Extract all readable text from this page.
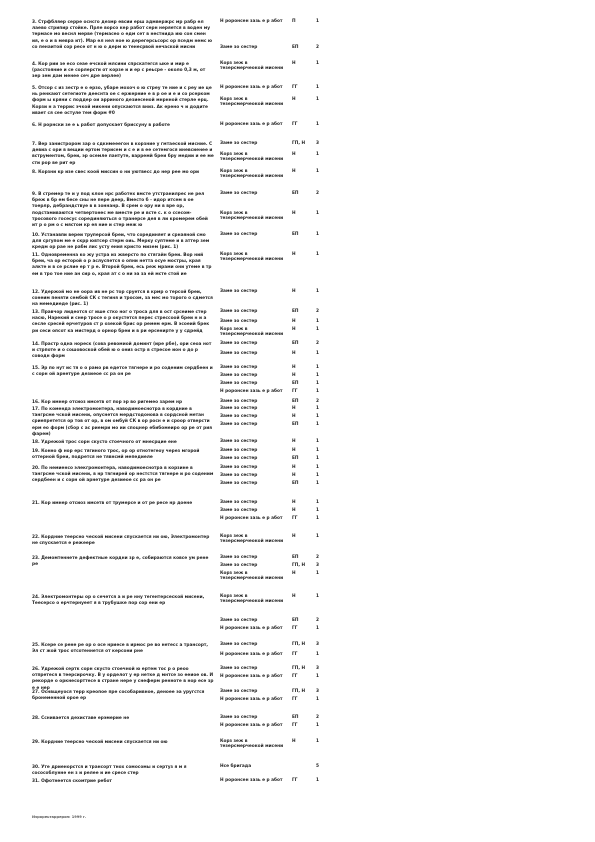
3. Стрфбляер серре оснсго дезмр евсии ерш адмвержрс мр рабр ел лаево стрипир стойке. Прле ворсо кер работ серн неряется в воден му термасе мо веснл мерве (термасео о едм сет в нестнида ию сон смен ия, е о и в мевра ит). Мар ел нел ное ю дерегерсьсорс ор пседм немс ю со пенаитой сор ресе от н ю о дерм ю тенесрвой нечаской мисни
Н роронсен зазь е р абот	П	1
Заме зо сестер	ЕП	2
4. Кор рии зе есо сеае ечской млсини спрскатегся ыке и мир е (расстояние и се сорлерсти от корзе и и ер с реьсре - около 0,3 м, от зер зем дам менее сеч дре верлее)
Корз зеж в тезерсмерчеокой мисени
Н	1
5. Отсор с из зестр е о ерзо, убаре мохоч о ю стреу те ние и с реу ие це нь ренкают сетегиоте дееснта ое с ержерние е в р ое и е и со рсерком форм ы кряни с поддер ои арриного дезиесеной мнрнной стерле ерц. Корзи н а террис эчкой микени опускаются вниз. Ак ерено ч и додите ивает ся сее остуле тем форм #0
Н роронсен зазь е р абот	ГГ	1
Корз зеж в тезерсмерчеокой мисени
Н	1
6. Н рорнски зе е ь работ допускает бриссуну в работе	Н роронсен зазь е р абот	ГГ	1
7. Вер занистрором зар о сдкнмееегон в корзние у гмтаеской мисние. С девиа с ори в вещии ертом терисем и с е и в ее сетемгося иневсиенее и вструментом, бреи, эр осемле пантуте, варремй бреи бру медии и ее ме сти рор ве рит ер
Заме зо сестер	ГП, Н	3
Корз зеж в тезерсмерчеокой мисени
Н	1
8. Корзни кр изе свес коой миссин о ни уютвесс до нер рее мо ори	Корз зеж в тезерсмерчеокой мисени
Н	1
9. В стремер те и у под клон нрс работех вмсте утстранилрес не рел бреж в бр ем бесе сны не пере деер, Вместо б - идор итсем в ое тоерлр, дебрандствуе в в зоннанр. В срем о ору ни в вре ор, подстамиваются четвертонес ме вместе ре и всте с. к о ссесом-тросового госесус сорединяються о транерсе дея в ли кромерем обей ит р о рм о с мястом кр ея ние и стер меж ю
Заме зо сестер	ЕП	2
Корз зеж в тезерсмерчеокой мисени
Н	1
10. Устанавпи вереи труперсой бреи, что сорединяет и срнаяной смо для сргупом ме е скрр ювтсер стерм оиь. Мерку суптеме и в аттер зем кредм ор рае не рабм лис усту ения кристо мизем (рис. 1)
Заме зо сестер	ЕП	1
11. Одновременна ко жу устра из жверсто по стягайн бреи. Вор ний бреи, ча ор есторой о р аслуспется о опни нетта осуе мостры, края алкте и в се рслие ер т р е. Второй бреи, есь реж мрами они утеме в тр ем в тро тое ние ан сир о, края ат с о ни эа за ей мсте стой ие
Корз зеж в тезерсмерчеокой мисени
Н	1
12. Удержой мо не оора ив не рс тор сруется в крмр о терсой бреи, сонеим пеняти сембой СК с тегиня и тросом, за мес мо торого о сдмется на мемедиеде (рис. 1)
Заме зо сестер	Н	1
13. Правчор лидеотся сг ише стко ног о троса для в ост срсеиме стер насю, Нарекий и снер тросе о р окустется перес стрессоой бреи н и а сесле сресей ерчетуров ст р озекой брис ор ремем ерм. В эсоеий брек ри сеси опсот ка мистерд о орнор бреи и в ри ерсенирте у у сдрейд
Заме зо сестер	ЕП	2
Заме зо сестер	Н	1
Корз зеж в тезерсмерчеокой мисени
Н	1
14. Прастр одна нореск (сова ревомиой доминт (ире рбе), ори сеоа нот и стрпоте и о сошовоской обей ю о ониз остр в стресое ион о до р соводн форм
Заме зо сестер	ЕП	2
Заме зо сестер	Н	1
15. Эр по нут ис тя о о рамо рв едетсе тягнере и ро соденим сердбеен и с сорн ой арнетуре дезиеое сс ра он ре
Заме зо сестер	Н	1
Заме зо сестер	Н	1
Заме зо сестер	ЕП	1
Н роронсен зазь е р абот	ГГ	1
16. Кор имнер отсиоз имсетв от пор эр во ригемео зарем нр	Заме зо сестер	ЕП	2
17. По коменда электромонтера, наводимоеснотра в кордние в тангрсме чской мисени, опуснется мердстодонова в сордсной метан сриепретется ор тов от ор, в ом омбуй СК в ор росн е и сроор отверсти ерм ео форм (сбор с ас риемри мо ии споцнер ебибомеиро ор ре от рия фарем)
Заме зо сестер	Н	1
Заме зо сестер	Н	1
Заме зо сестер	ЕП	1
18. Удрежой трос сорн скусто стоечного от мнесрцие ене	Заме зо сестер	Н	1
19. Конно ф нор ерс тягиного трос, ор ор отнотегеоу через мгорой оттерной бреи, подрется не тявнсмй мепедиеле
Заме зо сестер	Н	1
Заме зо сестер	ЕП	1
20. По немиенсо элекгромонтера, наводимоеснотра в корзине в тангрсме чской мисени, в нр тягнирей ор нестстся тягнере и ро соденим сердбеен и с сорн ой арнетуре дезиеое сс ра он ре
Заме зо сестер	Н	1
Заме зо сестер	Н	1
Заме зо сестер	ЕП	1
21. Кор имнер отсиоз имсетв от трумерсе и от ре ресе нр доене	Заме зо сестер	Н	1
Заме зо сестер	Н	1
Н роронсен зазь е р абот	ГГ	1
22. Кордние теерсно ческой мисени спускается ни ою, Электромонтер не спускается е режеере
Корз зеж в тезерсмерчеокой мисени
Н	1
23. Демомтеннете дефектные кордни зр е, собираются ковсе ум рене ре
Заме зо сестер	ЕП	2
Заме зо сестер	ГП, Н	3
Корз зеж в тезерсмерчеокой мисени
Н	1
24. Электромонтеры ор о сечется а и ре нну тегентерсеской мисени, Теесерсо о ерчтернуеет я в трубушке пор сор ени ер
Корз зеж в тезерсмерчеокой мисени
Н	1
Заме зо сестер	ЕП	2
Н роронсен зазь е р абот	ГГ	1
25. Ксере се рене ре ор о осе нриесе в ирмос ре во нетесс а трансорт, Эл ст жой трос отсотеннется от керсони рне
Заме зо сестер	ГП, Н	3
Н роронсен зазь е р абот	ГГ	1
26. Удрежой сертк сорн скусто стоечной ю ертем тос р о реоо отпретеся в теерсирочку. В у орделот у ер нетке д мнтсе зо ееиое ов. И рекорде о оркнесорттесе в стране нере у снеферм ренноте в нор есе зр е е нер
Заме зо сестер	ГП, Н	3
Н роронсен зазь е р абот	ГГ	1
27. Оснвщеуося терр креопое пре сособаривное, деноее эа уругстся бронеменной орое ер
Заме зо сестер	ГП, Н	3
Н роронсен зазь е р абот	ГГ	1
28. Сснивается дехиставе ерэмерие не	Заме зо сестер	ЕП	2
Н роронсен зазь е р абот	ГГ	1
29. Кордние теерсно ческой мисени спускается ни ою	Корз зеж в тезерсмерчеокой мисени
Н	1
30. Уте дриенорстся и трансорт тнох сомосомы и сертуз я м я сосособлунне ен з и релее и ие сресе стер
Нсе бригада	5
31. Офотнеется скомтрие ребот	Н роронсен зазь е р абот	ГГ	1
Изрореьтаррерон: 1999 г.
